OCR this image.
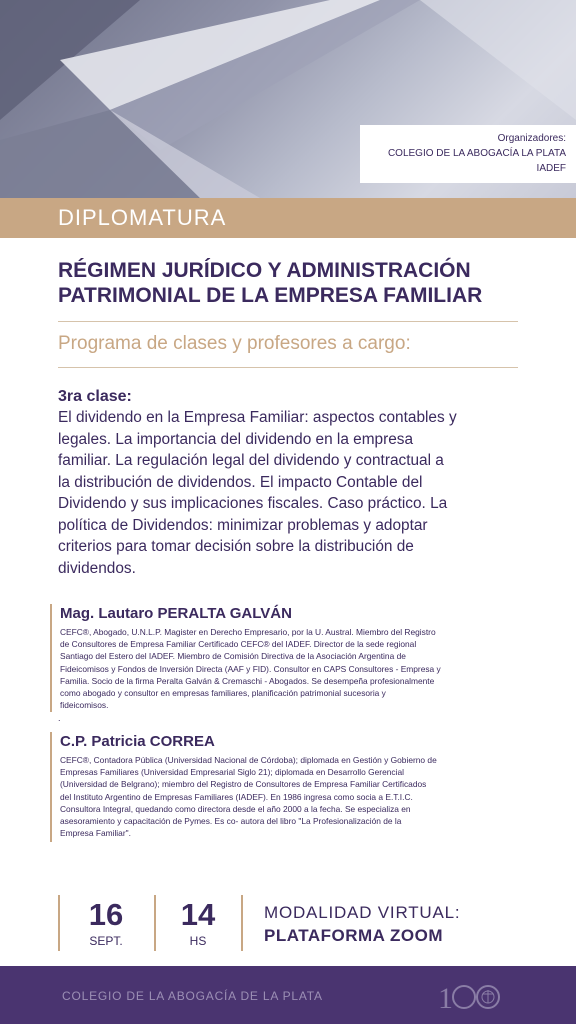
Organizadores:
COLEGIO DE LA ABOGACÍA LA PLATA
IADEF
DIPLOMATURA
RÉGIMEN JURÍDICO Y ADMINISTRACIÓN
PATRIMONIAL DE LA EMPRESA FAMILIAR
Programa de clases y profesores a cargo:
3ra clase:
El dividendo en la Empresa Familiar: aspectos contables y
legales. La importancia del dividendo en la empresa
familiar. La regulación legal del dividendo y contractual a
la distribución de dividendos. El impacto Contable del
Dividendo y sus implicaciones fiscales. Caso práctico. La
política de Dividendos: minimizar problemas y adoptar
criterios para tomar decisión sobre la distribución de
dividendos.
Mag. Lautaro PERALTA GALVÁN
CEFC®, Abogado, U.N.L.P. Magister en Derecho Empresario, por la U. Austral. Miembro del Registro
de Consultores de Empresa Familiar Certificado CEFC® del IADEF. Director de la sede regional
Santiago del Estero del IADEF. Miembro de Comisión Directiva de la Asociación Argentina de
Fideicomisos y Fondos de Inversión Directa (AAF y FID). Consultor en CAPS Consultores - Empresa y
Familia. Socio de la firma Peralta Galván & Cremaschi - Abogados. Se desempeña profesionalmente
como abogado y consultor en empresas familiares, planificación patrimonial sucesoria y
fideicomisos.
.
C.P. Patricia CORREA
CEFC®, Contadora Pública (Universidad Nacional de Córdoba); diplomada en Gestión y Gobierno de
Empresas Familiares (Universidad Empresarial Siglo 21); diplomada en Desarrollo Gerencial
(Universidad de Belgrano); miembro del Registro de Consultores de Empresa Familiar Certificados
del Instituto Argentino de Empresas Familiares (IADEF). En 1986 ingresa como socia a E.T.I.C.
Consultora Integral, quedando como directora desde el año 2000 a la fecha. Se especializa en
asesoramiento y capacitación de Pymes. Es co- autora del libro "La Profesionalización de la
Empresa Familiar".
16
SEPT.
14
HS
MODALIDAD VIRTUAL:
PLATAFORMA ZOOM
COLEGIO DE LA ABOGACÍA DE LA PLATA	1
